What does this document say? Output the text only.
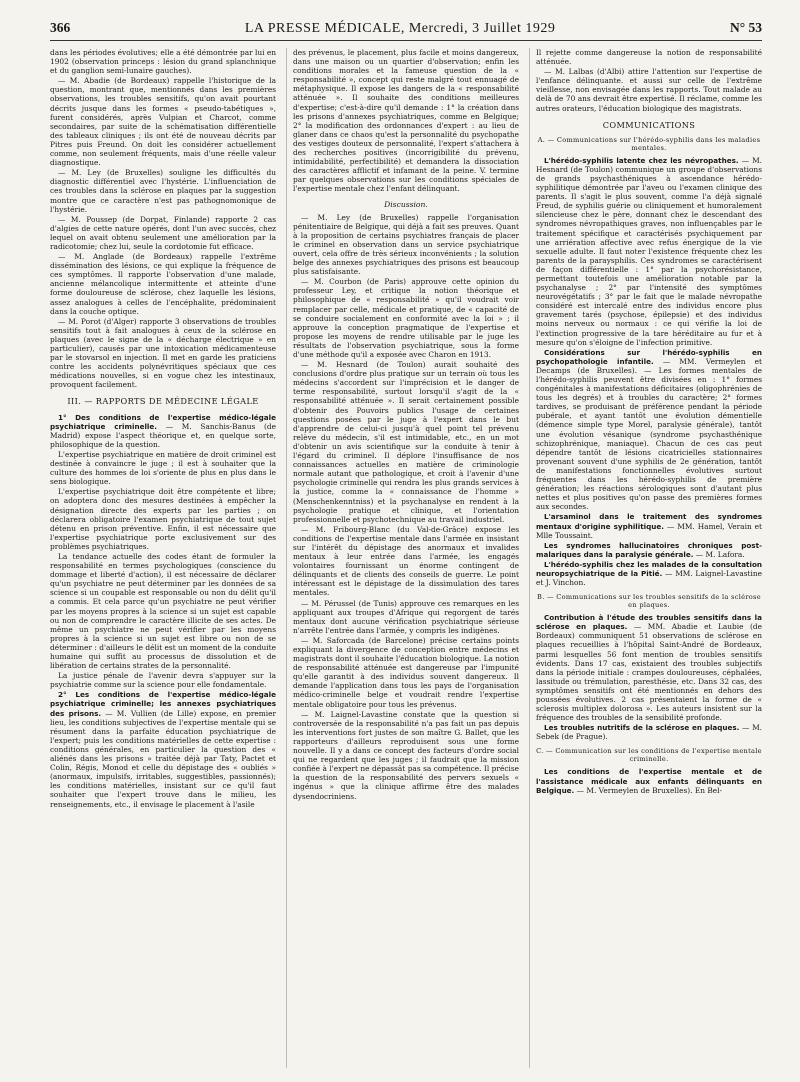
366	LA PRESSE MÉDICALE, Mercredi, 3 Juillet 1929	N° 53

dans les périodes évolutives; elle a été démontrée par lui en 1902 (observation princeps : lésion du grand splanchnique et du ganglion semi-lunaire gauches).

— M. Abadie (de Bordeaux) rappelle l'historique de la question, montrant que, mentionnés dans les premières observations, les troubles sensitifs, qu'on avait pourtant décrits jusque dans les formes « pseudo-tabétiques », furent considérés, après Vulpian et Charcot, comme secondaires, par suite de la schématisation différentielle des tableaux cliniques ; ils ont été de nouveau décrits par Pitres puis Freund. On doit les considérer actuellement comme, non seulement fréquents, mais d'une réelle valeur diagnostique.

— M. Ley (de Bruxelles) souligne les difficultés du diagnostic différentiel avec l'hystérie. L'influenciation de ces troubles dans la sclérose en plaques par la suggestion montre que ce caractère n'est pas pathognomonique de l'hystérie.

— M. Poussep (de Dorpat, Finlande) rapporte 2 cas d'algies de cette nature opérés, dont l'un avec succès, chez lequel on avait obtenu seulement une amélioration par la radicotomie; chez lui, seule la cordotomie fut efficace.

— M. Anglade (de Bordeaux) rappelle l'extrême dissémination des lésions, ce qui explique la fréquence de ces symptômes. Il rapporte l'observation d'une malade, ancienne mélancolique intermittente et atteinte d'une forme douloureuse de sclérose, chez laquelle les lésions, assez analogues à celles de l'encéphalite, prédominaient dans la couche optique.

— M. Porot (d'Alger) rapporte 3 observations de troubles sensitifs tout à fait analogues à ceux de la sclérose en plaques (avec le signe de la « décharge électrique » en particulier), causés par une intoxication médicamenteuse par le stovarsol en injection. Il met en garde les praticiens contre les accidents polynévritiques spéciaux que ces médications nouvelles, si en vogue chez les intestinaux, provoquent facilement.

III. — RAPPORTS DE MÉDECINE LÉGALE

1° Des conditions de l'expertise médico-légale psychiatrique criminelle. — M. Sanchis-Banus (de Madrid) expose l'aspect théorique et, en quelque sorte, philosophique de la question.

L'expertise psychiatrique en matière de droit criminel est destinée à convaincre le juge ; il est à souhaiter que la culture des hommes de loi s'oriente de plus en plus dans le sens biologique.

L'expertise psychiatrique doit être compétente et libre; on adoptera donc des mesures destinées à empêcher la désignation directe des experts par les parties ; on déclarera obligatoire l'examen psychiatrique de tout sujet détenu en prison préventive. Enfin, il est nécessaire que l'expertise psychiatrique porte exclusivement sur des problèmes psychiatriques.

La tendance actuelle des codes étant de formuler la responsabilité en termes psychologiques (conscience du dommage et liberté d'action), il est nécessaire de déclarer qu'un psychiatre ne peut déterminer par les données de sa science si un coupable est responsable ou non du délit qu'il a commis. Et cela parce qu'un psychiatre ne peut vérifier par les moyens propres à la science si un sujet est capable ou non de comprendre le caractère illicite de ses actes. De même un psychiatre ne peut vérifier par les moyens propres à la science si un sujet est libre ou non de se déterminer : d'ailleurs le délit est un moment de la conduite humaine qui suffit au processus de dissolution et de libération de certains strates de la personnalité.

La justice pénale de l'avenir devra s'appuyer sur la psychiatrie comme sur la science pour elle fondamentale.

2° Les conditions de l'expertise médico-légale psychiatrique criminelle; les annexes psychiatriques des prisons. — M. Vullien (de Lille) expose, en premier lieu, les conditions subjectives de l'expertise mentale qui se résument dans la parfaite éducation psychiatrique de l'expert; puis les conditions matérielles de cette expertise : conditions générales, en particulier la question des « aliénés dans les prisons » traitée déjà par Taty, Pactet et Colin, Régis, Monod et celle du dépistage des « oubliés » (anormaux, impulsifs, irritables, suggestibles, passionnés); les conditions matérielles, insistant sur ce qu'il faut souhaiter que l'expert trouve dans le milieu, les renseignements, etc., il envisage le placement à l'asile

des prévenus, le placement, plus facile et moins dangereux, dans une maison ou un quartier d'observation; enfin les conditions morales et la fameuse question de la « responsabilité », concept qui reste malgré tout ennuagé de métaphysique. Il expose les dangers de la « responsabilité atténuée ». Il souhaite des conditions meilleures d'expertise; c'est-à-dire qu'il demande : 1° la création dans les prisons d'annexes psychiatriques, comme en Belgique; 2° la modification des ordonnances d'expert : au lieu de glaner dans ce chaos qu'est la personnalité du psychopathe des vestiges douteux de personnalité, l'expert s'attachera à des recherches positives (incorrigibilité du prévenu, intimidabilité, perfectibilité) et demandera la dissociation des caractères afflictif et infamant de la peine. V. termine par quelques observations sur les conditions spéciales de l'expertise mentale chez l'enfant délinquant.

Discussion.

— M. Ley (de Bruxelles) rappelle l'organisation pénitentiaire de Belgique, qui déjà a fait ses preuves. Quant à la proposition de certains psychiatres français de placer le criminel en observation dans un service psychiatrique ouvert, cela offre de très sérieux inconvénients ; la solution belge des annexes psychiatriques des prisons est beaucoup plus satisfaisante.

— M. Courbon (de Paris) approuve cette opinion du professeur Ley, et critique la notion théorique et philosophique de « responsabilité » qu'il voudrait voir remplacer par celle, médicale et pratique, de « capacité de se conduire socialement en conformité avec la loi » ; il approuve la conception pragmatique de l'expertise et propose les moyens de rendre utilisable par le juge les résultats de l'observation psychiatrique, sous la forme d'une méthode qu'il a exposée avec Charon en 1913.

— M. Hesnard (de Toulon) aurait souhaité des conclusions d'ordre plus pratique sur un terrain où tous les médecins s'accordent sur l'imprécision et le danger de terme responsabilité, surtout lorsqu'il s'agit de la « responsabilité atténuée ». Il serait certainement possible d'obtenir des Pouvoirs publics l'usage de certaines questions posées par le juge à l'expert dans le but d'apprendre de celui-ci jusqu'à quel point tel prévenu relève du médecin, s'il est intimidable, etc., en un mot d'obtenir un avis scientifique sur la conduite à tenir à l'égard du criminel. Il déplore l'insuffisance de nos connaissances actuelles en matière de criminologie normale autant que pathologique, et croit à l'avenir d'une psychologie criminelle qui rendra les plus grands services à la justice, comme la « connaissance de l'homme » (Menschenkenntniss) et la psychanalyse en rendent à la psychologie pratique et clinique, et l'orientation professionnelle et psychotechnique au travail industriel.

— M. Fribourg-Blanc (du Val-de-Grâce) expose les conditions de l'expertise mentale dans l'armée en insistant sur l'intérêt du dépistage des anormaux et invalides mentaux à leur entrée dans l'armée, les engagés volontaires fournissant un énorme contingent de délinquants et de clients des conseils de guerre. Le point intéressant est le dépistage de la dissimulation des tares mentales.

— M. Pérussel (de Tunis) approuve ces remarques en les appliquant aux troupes d'Afrique qui regorgent de tarés mentaux dont aucune vérification psychiatrique sérieuse n'arrête l'entrée dans l'armée, y compris les indigènes.

— M. Saforcada (de Barcelone) précise certains points expliquant la divergence de conception entre médecins et magistrats dont il souhaite l'éducation biologique. La notion de responsabilité atténuée est dangereuse par l'impunité qu'elle garantit à des individus souvent dangereux. Il demande l'application dans tous les pays de l'organisation médico-criminelle belge et voudrait rendre l'expertise mentale obligatoire pour tous les prévenus.

— M. Laignel-Lavastine constate que la question si controversée de la responsabilité n'a pas fait un pas depuis les interventions fort justes de son maître G. Ballet, que les rapporteurs d'ailleurs reproduisent sous une forme nouvelle. Il y a dans ce concept des facteurs d'ordre social qui ne regardent que les juges ; il faudrait que la mission confiée à l'expert ne dépassât pas sa compétence. Il précise la question de la responsabilité des pervers sexuels « ingénus » que la clinique affirme être des malades dysendocriniens.

Il rejette comme dangereuse la notion de responsabilité atténuée.

— M. Lalbas (d'Albi) attire l'attention sur l'expertise de l'enfance délinquante. et aussi sur celle de l'extrême vieillesse, non envisagée dans les rapports. Tout malade au delà de 70 ans devrait être expertisé. Il réclame, comme les autres orateurs, l'éducation biologique des magistrats.

COMMUNICATIONS
A. — Communications sur l'hérédo-syphilis dans les maladies mentales.

L'hérédo-syphilis latente chez les névropathes. — M. Hesnard (de Toulon) communique un groupe d'observations de grands psychasthéniques à ascendance hérédo-syphilitique démontrée par l'aveu ou l'examen clinique des parents. Il s'agit le plus souvent, comme l'a déjà signalé Freud, de syphilis guérie ou cliniquement et humoralement silencieuse chez le père, donnant chez le descendant des syndromes névropathiques graves, non influençables par le traitement spécifique et caractérisés psychiquement par une arriération affective avec refus énergique de la vie sexuelle adulte. Il faut noter l'existence fréquente chez les parents de la paraysphilis. Ces syndromes se caractérisent de façon différentielle : 1° par la psychorésistance, permettant toutefois une amélioration notable par la psychanalyse ; 2° par l'intensité des symptômes neurovégétatifs ; 3° par le fait que le malade névropathe considéré est intercalé entre des individus encore plus gravement tarés (psychose, épilepsie) et des individus moins nerveux ou normaux : ce qui vérifie la loi de l'extinction progressive de la tare héréditaire au fur et à mesure qu'on s'éloigne de l'infection primitive.

Considérations sur l'hérédo-syphilis en psychopathologie infantile. — MM. Vermeylen et Decamps (de Bruxelles). — Les formes mentales de l'hérédo-syphilis peuvent être divisées en : 1° formes congénitales à manifestations déficitaires (oligophrénies de tous les degrés) et à troubles du caractère; 2° formes tardives, se produisant de préférence pendant la période pubérale, et ayant tantôt une évolution démentielle (démence simple type Morel, paralysie générale), tantôt une évolution vésanique (syndrome psychasthénique schizophrénique, maniaque). Chacun de ces cas peut dépendre tantôt de lésions cicatricielles stationnaires provenant souvent d'une syphilis de 2e génération, tantôt de manifestations fonctionnelles évolutives surtout fréquentes dans les hérédo-syphilis de première génération; les réactions sérologiques sont d'autant plus nettes et plus positives qu'on passe des premières formes aux secondes.

L'arsaminol dans le traitement des syndromes mentaux d'origine syphilitique. — MM. Hamel, Verain et Mlle Toussaint.

Les syndromes hallucinatoires chroniques post-malariques dans la paralysie générale. — M. Lafora.

L'hérédo-syphilis chez les malades de la consultation neuropsychiatrique de la Pitié. — MM. Laignel-Lavastine et J. Vinchon.

B. — Communications sur les troubles sensitifs de la sclérose en plaques.

Contribution à l'étude des troubles sensitifs dans la sclérose en plaques. — MM. Abadie et Laubie (de Bordeaux) communiquent 51 observations de sclérose en plaques recueillies à l'hôpital Saint-André de Bordeaux, parmi lesquelles 56 font mention de troubles sensitifs évidents. Dans 17 cas, existaient des troubles subjectifs dans la période initiale : crampes douloureuses, céphalées, lassitude ou trémulation, paresthésie, etc. Dans 32 cas, des symptômes sensitifs ont été mentionnés en dehors des poussées évolutives. 2 cas présentaient la forme de « sclerosis multiplex dolorosa ». Les auteurs insistent sur la fréquence des troubles de la sensibilité profonde.

Les troubles nutritifs de la sclérose en plaques. — M. Sebek (de Prague).

C. — Communication sur les conditions de l'expertise mentale criminelle.

Les conditions de l'expertise mentale et de l'assistance médicale aux enfants délinquants en Belgique. — M. Vermeylen de Bruxelles). En Bel-
